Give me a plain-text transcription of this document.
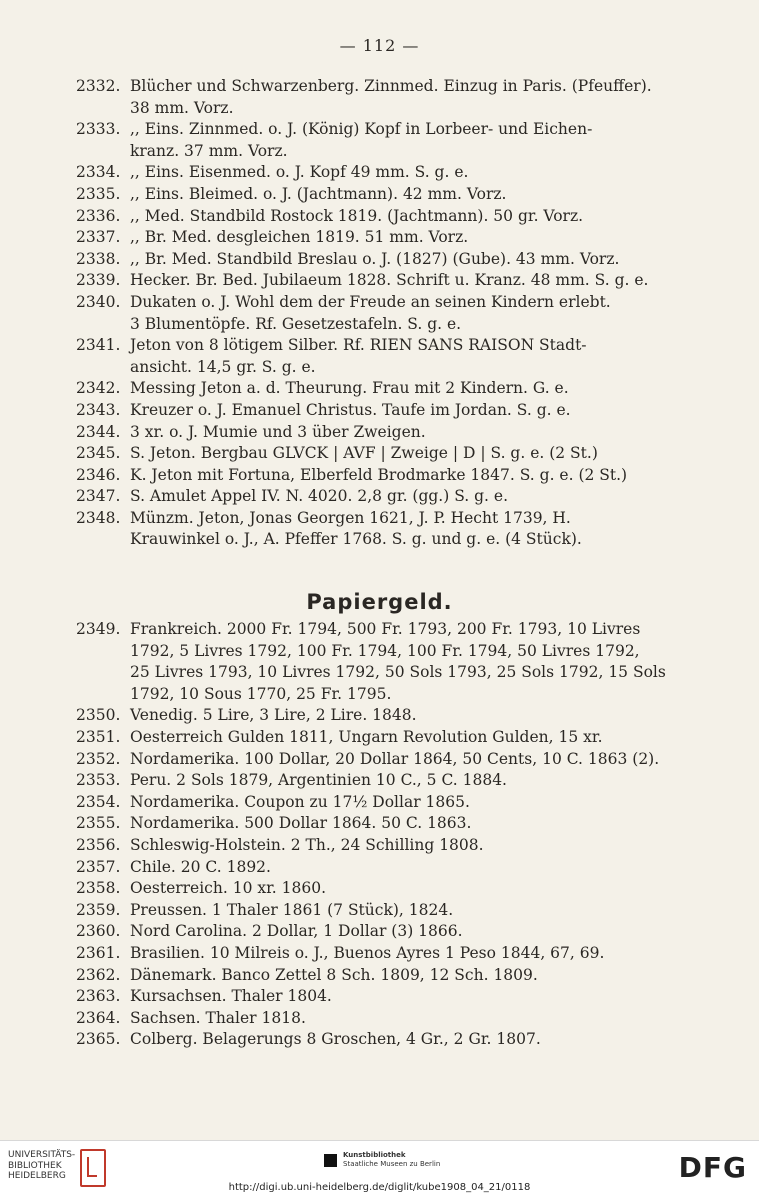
— 112 —
2332. Blücher und Schwarzenberg. Zinnmed. Einzug in Paris. (Pfeuffer).
38 mm. Vorz.
2333. ,, Eins. Zinnmed. o. J. (König) Kopf in Lorbeer- und Eichen-
kranz. 37 mm. Vorz.
2334. ,, Eins. Eisenmed. o. J. Kopf 49 mm. S. g. e.
2335. ,, Eins. Bleimed. o. J. (Jachtmann). 42 mm. Vorz.
2336. ,, Med. Standbild Rostock 1819. (Jachtmann). 50 gr. Vorz.
2337. ,, Br. Med. desgleichen 1819. 51 mm. Vorz.
2338. ,, Br. Med. Standbild Breslau o. J. (1827) (Gube). 43 mm. Vorz.
2339. Hecker. Br. Bed. Jubilaeum 1828. Schrift u. Kranz. 48 mm. S. g. e.
2340. Dukaten o. J. Wohl dem der Freude an seinen Kindern erlebt.
3 Blumentöpfe. Rf. Gesetzestafeln. S. g. e.
2341. Jeton von 8 lötigem Silber. Rf. RIEN SANS RAISON Stadt-
ansicht. 14,5 gr. S. g. e.
2342. Messing Jeton a. d. Theurung. Frau mit 2 Kindern. G. e.
2343. Kreuzer o. J. Emanuel Christus. Taufe im Jordan. S. g. e.
2344. 3 xr. o. J. Mumie und 3 über Zweigen.
2345. S. Jeton. Bergbau GLVCK | AVF | Zweige | D | S. g. e. (2 St.)
2346. K. Jeton mit Fortuna, Elberfeld Brodmarke 1847. S. g. e. (2 St.)
2347. S. Amulet Appel IV. N. 4020. 2,8 gr. (gg.) S. g. e.
2348. Münzm. Jeton, Jonas Georgen 1621, J. P. Hecht 1739, H.
Krauwinkel o. J., A. Pfeffer 1768. S. g. und g. e. (4 Stück).
Papiergeld.
2349. Frankreich. 2000 Fr. 1794, 500 Fr. 1793, 200 Fr. 1793, 10 Livres
1792, 5 Livres 1792, 100 Fr. 1794, 100 Fr. 1794, 50 Livres 1792,
25 Livres 1793, 10 Livres 1792, 50 Sols 1793, 25 Sols 1792, 15 Sols
1792, 10 Sous 1770, 25 Fr. 1795.
2350. Venedig. 5 Lire, 3 Lire, 2 Lire. 1848.
2351. Oesterreich Gulden 1811, Ungarn Revolution Gulden, 15 xr.
2352. Nordamerika. 100 Dollar, 20 Dollar 1864, 50 Cents, 10 C. 1863 (2).
2353. Peru. 2 Sols 1879, Argentinien 10 C., 5 C. 1884.
2354. Nordamerika. Coupon zu 17½ Dollar 1865.
2355. Nordamerika. 500 Dollar 1864. 50 C. 1863.
2356. Schleswig-Holstein. 2 Th., 24 Schilling 1808.
2357. Chile. 20 C. 1892.
2358. Oesterreich. 10 xr. 1860.
2359. Preussen. 1 Thaler 1861 (7 Stück), 1824.
2360. Nord Carolina. 2 Dollar, 1 Dollar (3) 1866.
2361. Brasilien. 10 Milreis o. J., Buenos Ayres 1 Peso 1844, 67, 69.
2362. Dänemark. Banco Zettel 8 Sch. 1809, 12 Sch. 1809.
2363. Kursachsen. Thaler 1804.
2364. Sachsen. Thaler 1818.
2365. Colberg. Belagerungs 8 Groschen, 4 Gr., 2 Gr. 1807.
UNIVERSITÄTS-
BIBLIOTHEK
HEIDELBERG
Kunstbibliothek
Staatliche Museen zu Berlin	DFG
http://digi.ub.uni-heidelberg.de/diglit/kube1908_04_21/0118
